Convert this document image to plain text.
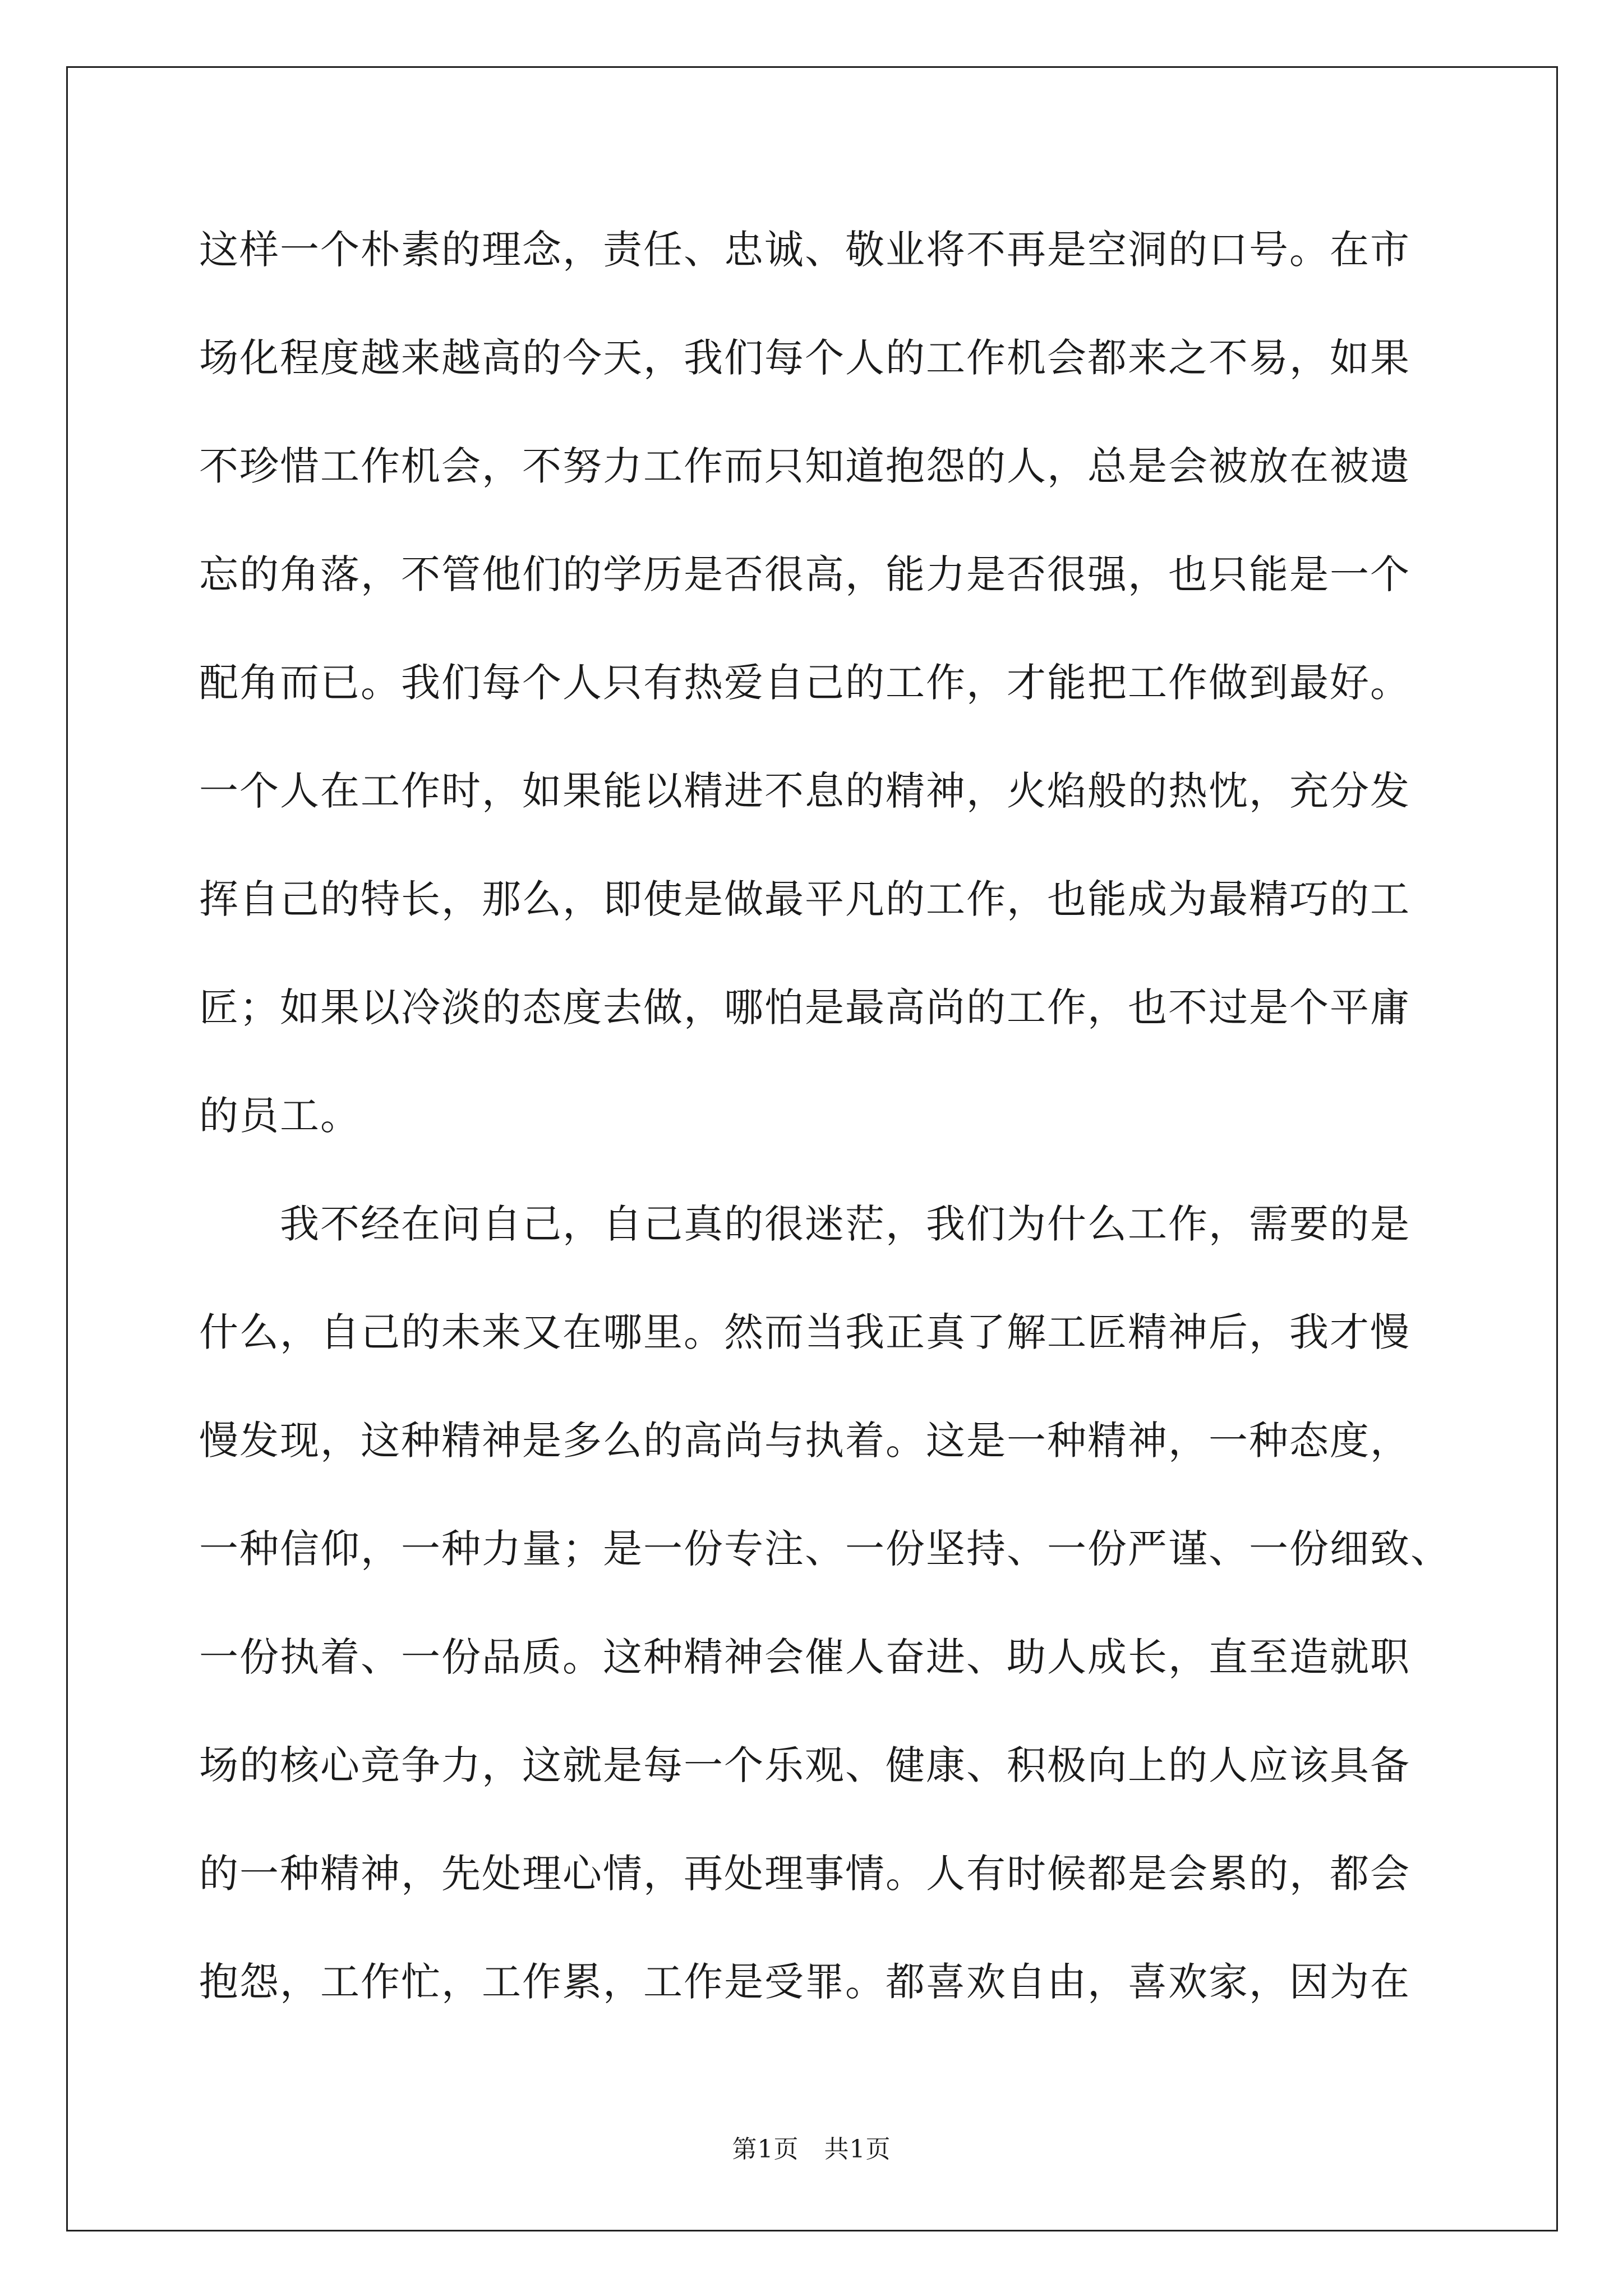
这样一个朴素的理念，责任、忠诚、敬业将不再是空洞的口号。在市
场化程度越来越高的今天，我们每个人的工作机会都来之不易，如果
不珍惜工作机会，不努力工作而只知道抱怨的人，总是会被放在被遗
忘的角落，不管他们的学历是否很高，能力是否很强，也只能是一个
配角而已。我们每个人只有热爱自己的工作，才能把工作做到最好。
一个人在工作时，如果能以精进不息的精神，火焰般的热忱，充分发
挥自己的特长，那么，即使是做最平凡的工作，也能成为最精巧的工
匠；如果以冷淡的态度去做，哪怕是最高尚的工作，也不过是个平庸
的员工。
我不经在问自己，自己真的很迷茫，我们为什么工作，需要的是
什么，自己的未来又在哪里。然而当我正真了解工匠精神后，我才慢
慢发现，这种精神是多么的高尚与执着。这是一种精神，一种态度，
一种信仰，一种力量；是一份专注、一份坚持、一份严谨、一份细致、
一份执着、一份品质。这种精神会催人奋进、助人成长，直至造就职
场的核心竞争力，这就是每一个乐观、健康、积极向上的人应该具备
的一种精神，先处理心情，再处理事情。人有时候都是会累的，都会
抱怨，工作忙，工作累，工作是受罪。都喜欢自由，喜欢家，因为在
第1页 共1页
